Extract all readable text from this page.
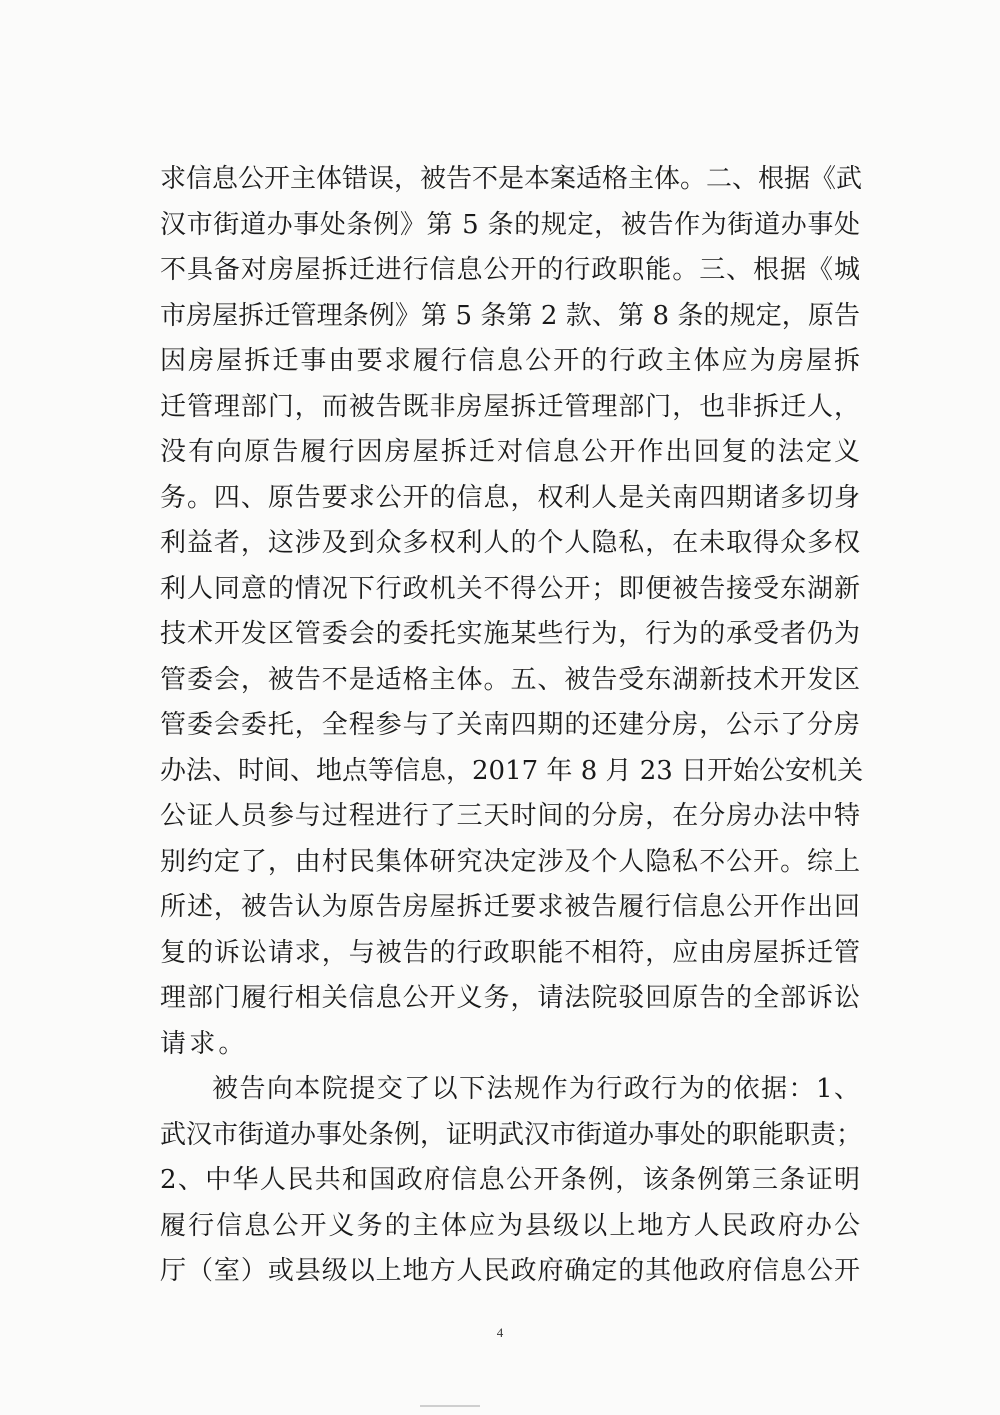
求信息公开主体错误，被告不是本案适格主体。二、根据《武
汉市街道办事处条例》第 5 条的规定，被告作为街道办事处
不具备对房屋拆迁进行信息公开的行政职能。三、根据《城
市房屋拆迁管理条例》第 5 条第 2 款、第 8 条的规定，原告
因房屋拆迁事由要求履行信息公开的行政主体应为房屋拆
迁管理部门，而被告既非房屋拆迁管理部门，也非拆迁人，
没有向原告履行因房屋拆迁对信息公开作出回复的法定义
务。四、原告要求公开的信息，权利人是关南四期诸多切身
利益者，这涉及到众多权利人的个人隐私，在未取得众多权
利人同意的情况下行政机关不得公开；即便被告接受东湖新
技术开发区管委会的委托实施某些行为，行为的承受者仍为
管委会，被告不是适格主体。五、被告受东湖新技术开发区
管委会委托，全程参与了关南四期的还建分房，公示了分房
办法、时间、地点等信息，2017 年 8 月 23 日开始公安机关
公证人员参与过程进行了三天时间的分房，在分房办法中特
别约定了，由村民集体研究决定涉及个人隐私不公开。综上
所述，被告认为原告房屋拆迁要求被告履行信息公开作出回
复的诉讼请求，与被告的行政职能不相符，应由房屋拆迁管
理部门履行相关信息公开义务，请法院驳回原告的全部诉讼
请求。
被告向本院提交了以下法规作为行政行为的依据：1、
武汉市街道办事处条例，证明武汉市街道办事处的职能职责；
2、中华人民共和国政府信息公开条例，该条例第三条证明
履行信息公开义务的主体应为县级以上地方人民政府办公
厅（室）或县级以上地方人民政府确定的其他政府信息公开
4
